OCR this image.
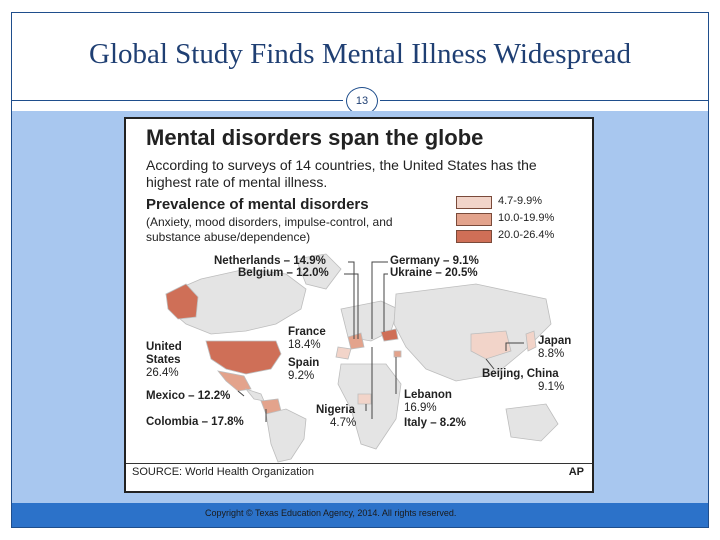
Global Study Finds Mental Illness Widespread
13
Copyright © Texas Education Agency, 2014. All rights reserved.
Mental disorders span the globe
According to surveys of 14 countries, the United States has the highest rate of mental illness.
Prevalence of mental disorders
(Anxiety, mood disorders, impulse-control, and substance abuse/dependence)
4.7-9.9%
10.0-19.9%
20.0-26.4%
Netherlands – 14.9%
Belgium – 12.0%
Germany – 9.1%
Ukraine – 20.5%
France
18.4%
Spain
9.2%
United
States
26.4%
Mexico – 12.2%
Colombia – 17.8%
Nigeria
4.7%
Lebanon
16.9%
Italy – 8.2%
Japan
8.8%
Beijing, China
9.1%
SOURCE: World Health Organization	AP
